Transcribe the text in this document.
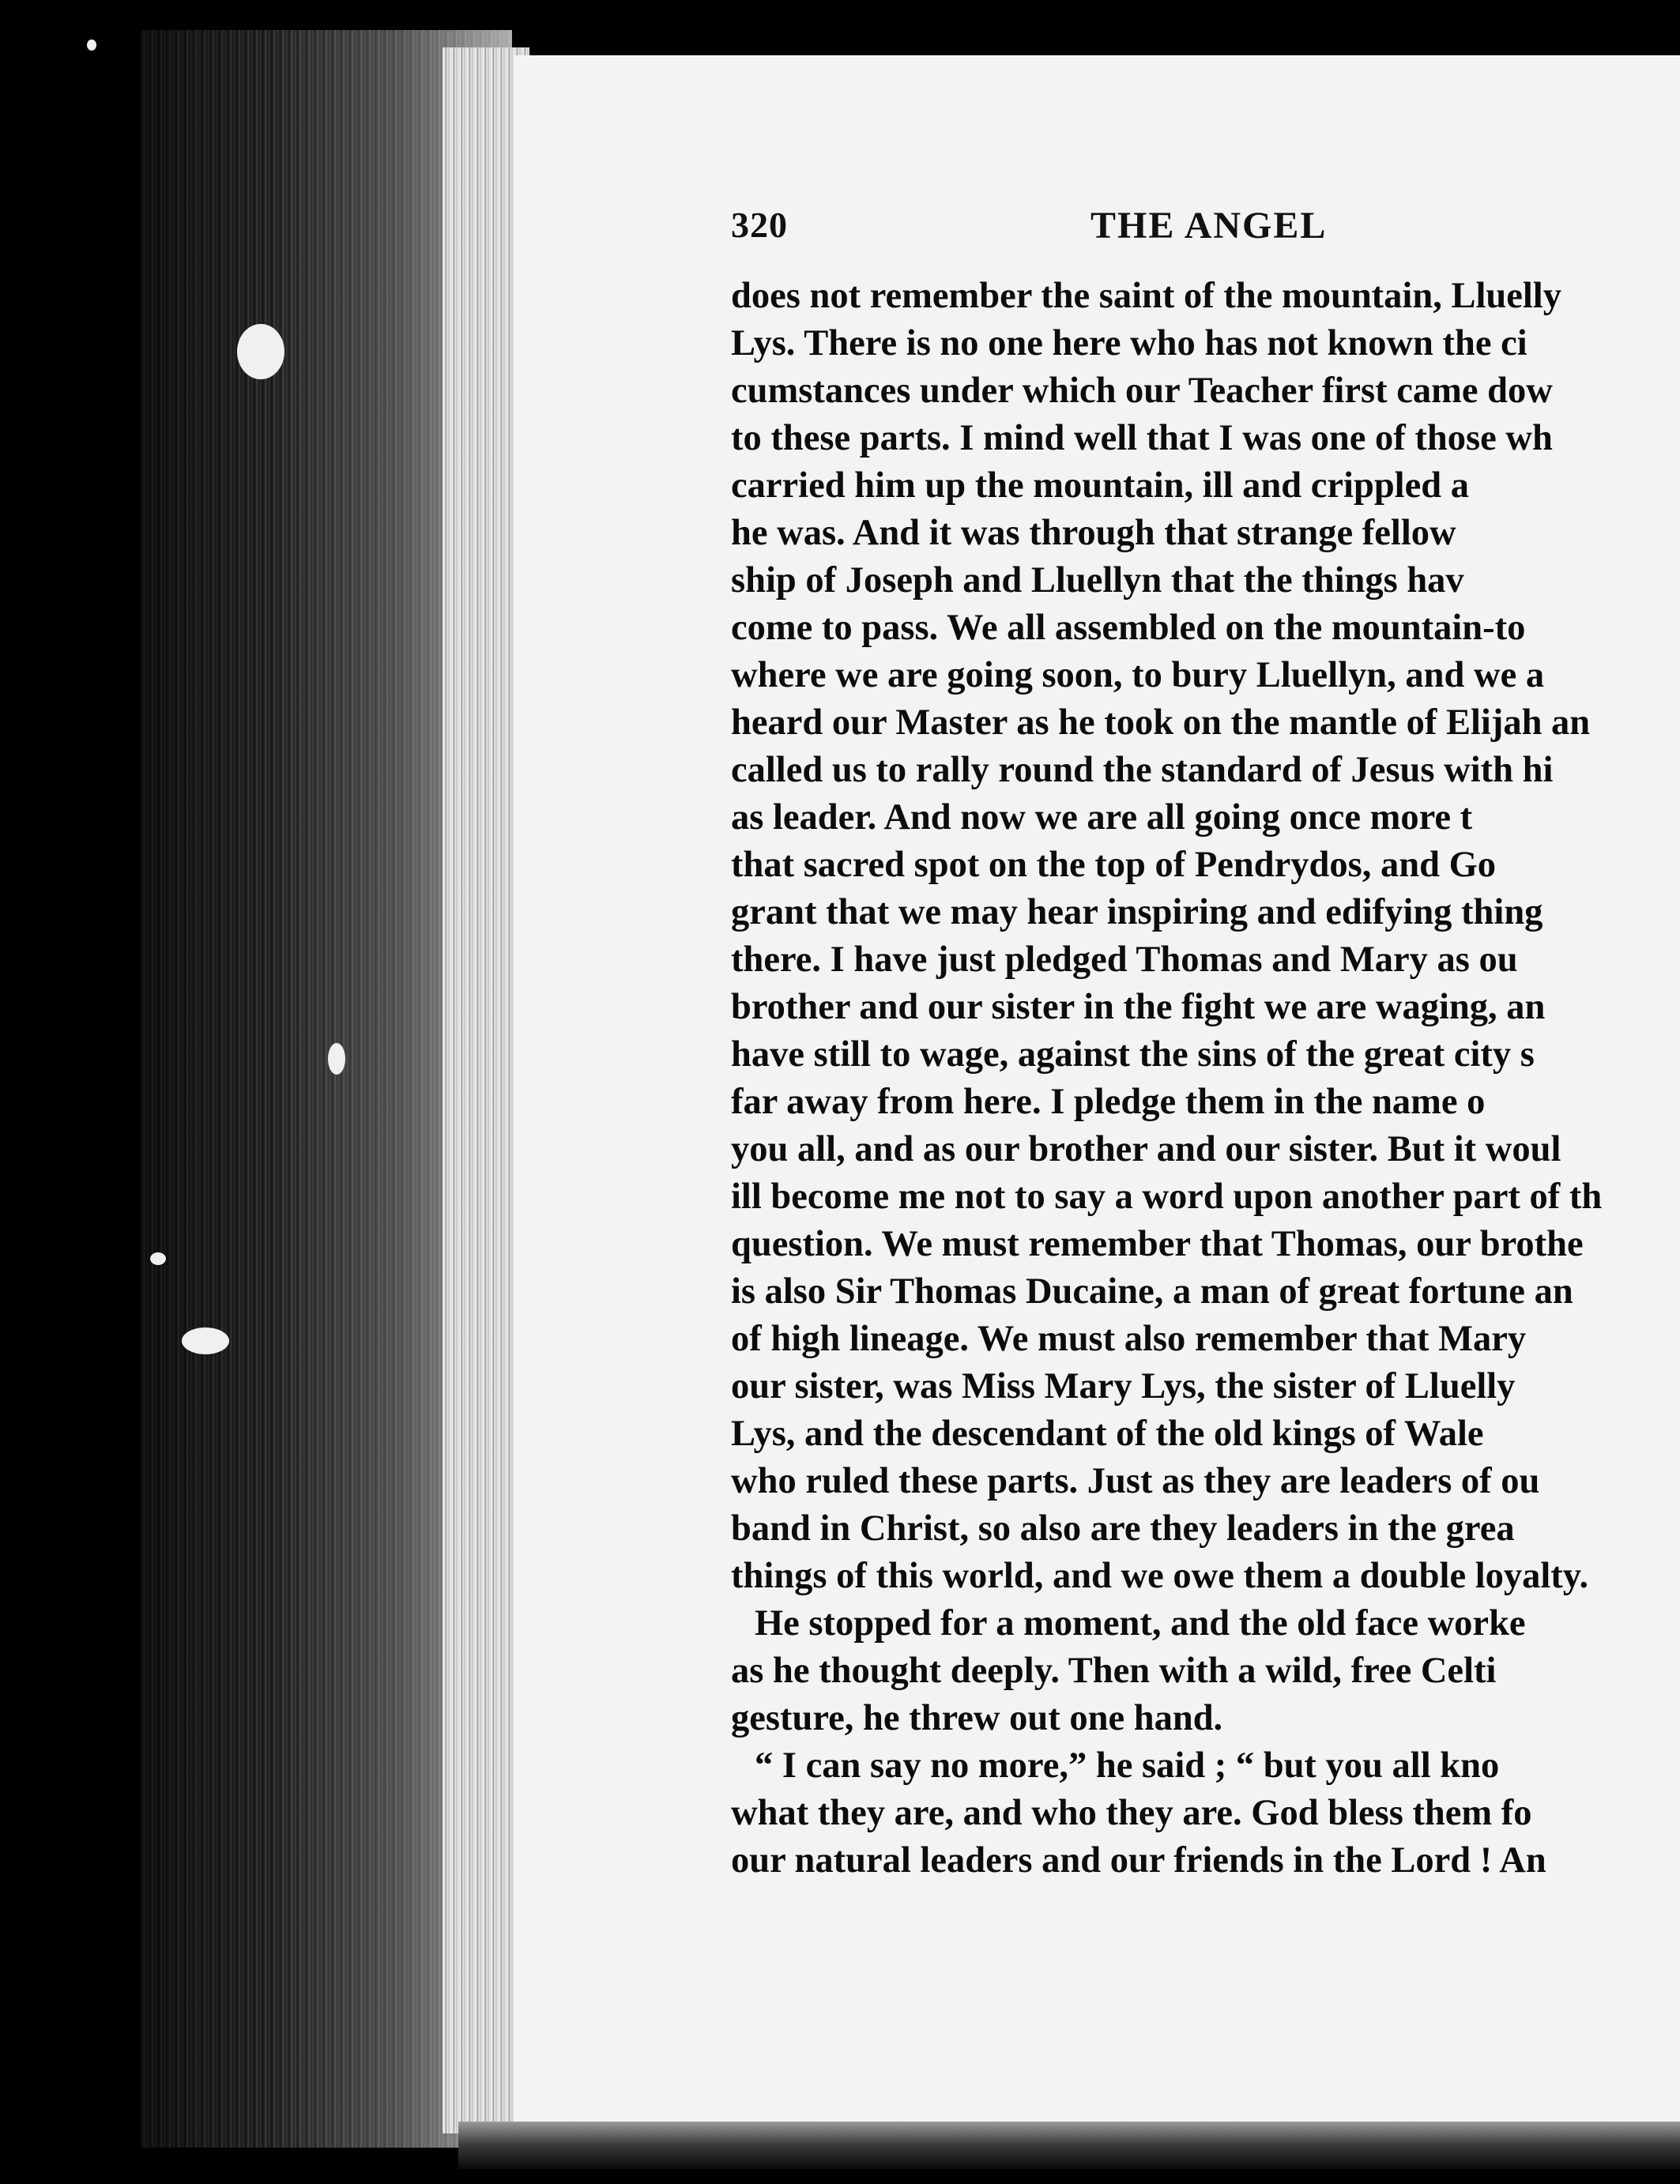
320	THE ANGEL
does not remember the saint of the mountain, Lluelly
Lys. There is no one here who has not known the ci
cumstances under which our Teacher first came dow
to these parts. I mind well that I was one of those wh
carried him up the mountain, ill and crippled a
he was. And it was through that strange fellow
ship of Joseph and Lluellyn that the things hav
come to pass. We all assembled on the mountain-to
where we are going soon, to bury Lluellyn, and we a
heard our Master as he took on the mantle of Elijah an
called us to rally round the standard of Jesus with hi
as leader. And now we are all going once more t
that sacred spot on the top of Pendrydos, and Go
grant that we may hear inspiring and edifying thing
there. I have just pledged Thomas and Mary as ou
brother and our sister in the fight we are waging, an
have still to wage, against the sins of the great city s
far away from here. I pledge them in the name o
you all, and as our brother and our sister. But it woul
ill become me not to say a word upon another part of th
question. We must remember that Thomas, our brothe
is also Sir Thomas Ducaine, a man of great fortune an
of high lineage. We must also remember that Mary
our sister, was Miss Mary Lys, the sister of Lluelly
Lys, and the descendant of the old kings of Wale
who ruled these parts. Just as they are leaders of ou
band in Christ, so also are they leaders in the grea
things of this world, and we owe them a double loyalty.
He stopped for a moment, and the old face worke
as he thought deeply. Then with a wild, free Celti
gesture, he threw out one hand.
“ I can say no more,” he said ; “ but you all kno
what they are, and who they are. God bless them fo
our natural leaders and our friends in the Lord ! An
